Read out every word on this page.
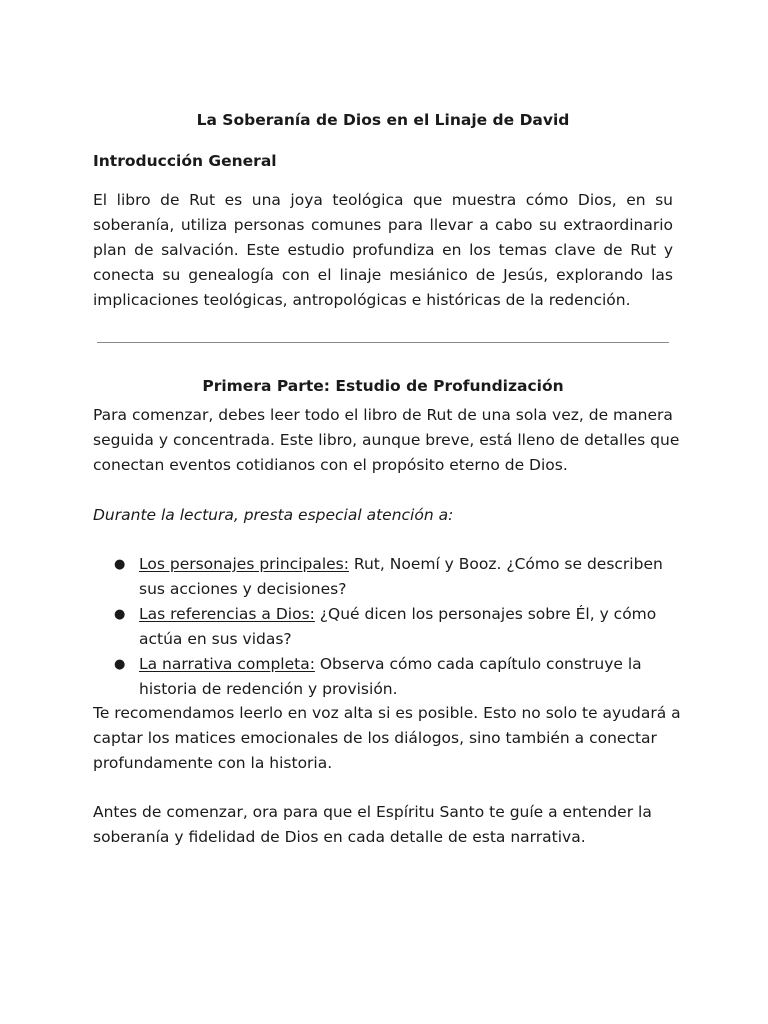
La Soberanía de Dios en el Linaje de David
Introducción General

El libro de Rut es una joya teológica que muestra cómo Dios, en su soberanía, utiliza personas comunes para llevar a cabo su extraordinario plan de salvación. Este estudio profundiza en los temas clave de Rut y conecta su genealogía con el linaje mesiánico de Jesús, explorando las implicaciones teológicas, antropológicas e históricas de la redención.

Primera Parte: Estudio de Profundización

Para comenzar, debes leer todo el libro de Rut de una sola vez, de manera seguida y concentrada. Este libro, aunque breve, está lleno de detalles que conectan eventos cotidianos con el propósito eterno de Dios.

Durante la lectura, presta especial atención a:

● Los personajes principales: Rut, Noemí y Booz. ¿Cómo se describen sus acciones y decisiones?
● Las referencias a Dios: ¿Qué dicen los personajes sobre Él, y cómo actúa en sus vidas?
● La narrativa completa: Observa cómo cada capítulo construye la historia de redención y provisión.

Te recomendamos leerlo en voz alta si es posible. Esto no solo te ayudará a captar los matices emocionales de los diálogos, sino también a conectar profundamente con la historia.

Antes de comenzar, ora para que el Espíritu Santo te guíe a entender la soberanía y fidelidad de Dios en cada detalle de esta narrativa.
